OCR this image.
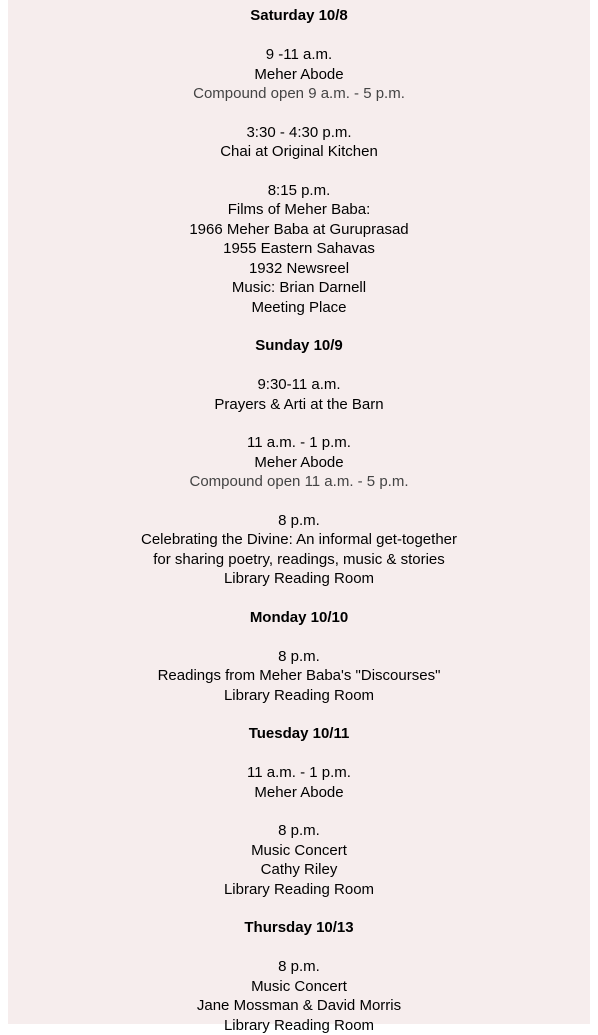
Saturday 10/8
9 -11 a.m.
Meher Abode
Compound open 9 a.m. - 5 p.m.
3:30 - 4:30 p.m.
Chai at Original Kitchen
8:15 p.m.
Films of Meher Baba:
1966 Meher Baba at Guruprasad
1955 Eastern Sahavas
1932 Newsreel
Music: Brian Darnell
Meeting Place
Sunday 10/9
9:30-11 a.m.
Prayers & Arti at the Barn
11 a.m. - 1 p.m.
Meher Abode
Compound open 11 a.m. - 5 p.m.
8 p.m.
Celebrating the Divine: An informal get-together
for sharing poetry, readings, music & stories
Library Reading Room
Monday 10/10
8 p.m.
Readings from Meher Baba's "Discourses"
Library Reading Room
Tuesday 10/11
11 a.m. - 1 p.m.
Meher Abode
8 p.m.
Music Concert
Cathy Riley
Library Reading Room
Thursday 10/13
8 p.m.
Music Concert
Jane Mossman & David Morris
Library Reading Room
